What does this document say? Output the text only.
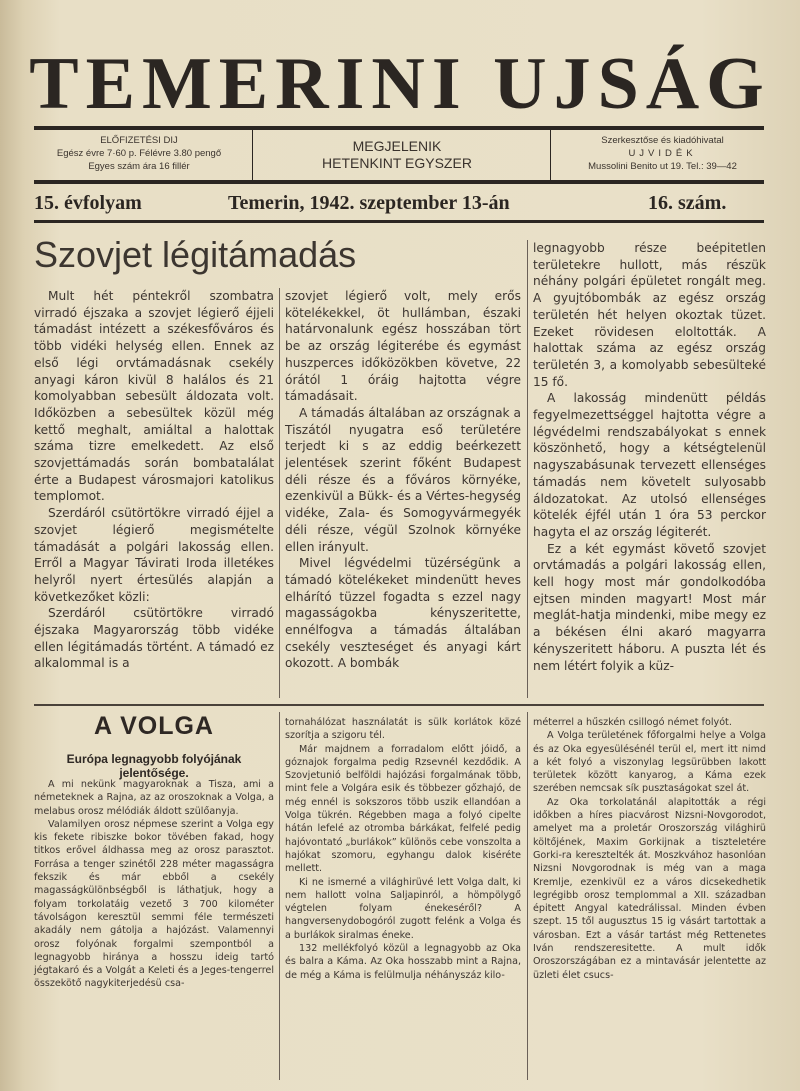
TEMERINI UJSÁG
ELŐFIZETÉSI DIJ
Egész évre 7·60 p. Félévre 3.80 pengő
Egyes szám ára 16 fillér
MEGJELENIK
HETENKINT EGYSZER
Szerkesztőse és kiadóhivatal
UJVIDÉK
Mussolini Benito ut 19. Tel.: 39—42
15. évfolyam	Temerin, 1942. szeptember 13-án	16. szám.
Szovjet légitámadás

Mult hét péntekről szombatra virradó éjszaka a szovjet légierő éjjeli támadást intézett a székesfőváros és több vidéki helység ellen. Ennek az első légi orvtámadásnak csekély anyagi káron kivül 8 halálos és 21 komolyabban sebesült áldozata volt. Időközben a sebesültek közül még kettő meghalt, amiáltal a halottak száma tizre emelkedett. Az első szovjettámadás során bombatalálat érte a Budapest városmajori katolikus templomot.

Szerdáról csütörtökre virradó éjjel a szovjet légierő megismételte támadását a polgári lakosság ellen. Erről a Magyar Távirati Iroda illetékes helyről nyert értesülés alapján a következőket közli:

Szerdáról csütörtökre virradó éjszaka Magyarország több vidéke ellen légitámadás történt. A támadó ez alkalommal is a

szovjet légierő volt, mely erős kötelékekkel, öt hullámban, északi határvonalunk egész hosszában tört be az ország légiterébe és egymást huszperces időközökben követve, 22 órától 1 óráig hajtotta végre támadásait.

A támadás általában az országnak a Tiszától nyugatra eső területére terjedt ki s az eddig beérkezett jelentések szerint főként Budapest déli része és a főváros környéke, ezenkivül a Bükk- és a Vértes-hegység vidéke, Zala- és Somogyvármegyék déli része, végül Szolnok környéke ellen irányult.

Mivel légvédelmi tüzérségünk a támadó kötelékeket mindenütt heves elhárító tüzzel fogadta s ezzel nagy magasságokba kényszeritette, ennélfogva a támadás általában csekély veszteséget és anyagi kárt okozott. A bombák

legnagyobb része beépitetlen területekre hullott, más részük néhány polgári épületet rongált meg. A gyujtóbombák az egész ország területén hét helyen okoztak tüzet. Ezeket rövidesen eloltották. A halottak száma az egész ország területén 3, a komolyabb sebesülteké 15 fő.

A lakosság mindenütt példás fegyelmezettséggel hajtotta végre a légvédelmi rendszabályokat s ennek köszönhető, hogy a kétségtelenül nagyszabásunak tervezett ellenséges támadás nem követelt sulyosabb áldozatokat. Az utolsó ellenséges kötelék éjfél után 1 óra 53 perckor hagyta el az ország légiterét.

Ez a két egymást követő szovjet orvtámadás a polgári lakosság ellen, kell hogy most már gondolkodóba ejtsen minden magyart! Most már meglát-hatja mindenki, mibe megy ez a békésen élni akaró magyarra kényszeritett háboru. A puszta lét és nem létért folyik a küz-

A VOLGA
Európa legnagyobb folyójának jelentősége.

A mi nekünk magyaroknak a Tisza, ami a németeknek a Rajna, az az oroszoknak a Volga, a melabus orosz mélódiák áldott szülőanyja.

Valamilyen orosz népmese szerint a Volga egy kis fekete ribiszke bokor tövében fakad, hogy titkos erővel áldhassa meg az orosz parasztot. Forrása a tenger szinétől 228 méter magasságra fekszik és már ebből a csekély magasságkülönbségből is láthatjuk, hogy a folyam torkolatáig vezető 3 700 kilométer távolságon keresztül semmi féle természeti akadály nem gátolja a hajózást. Valamennyi orosz folyónak forgalmi szempontból a legnagyobb hiránya a hosszu ideig tartó jégtakaró és a Volgát a Keleti és a Jeges-tengerrel összekötő nagykiterjedésü csa-

tornahálózat használatát is sülk korlátok közé szorítja a szigoru tél.

Már majdnem a forradalom előtt jóidő, a góznajok forgalma pedig Rzsevnél kezdődik. A Szovjetunió belföldi hajózási forgalmának több, mint fele a Volgára esik és többezer gőzhajó, de még ennél is sokszoros több uszik ellandóan a Volga tükrén. Régebben maga a folyó cipelte hátán lefelé az otromba bárkákat, felfelé pedig hajóvontató „burlákok” különös cebe vonszolta a hajókat szomoru, egyhangu dalok kiséréte mellett.

Ki ne ismerné a világhirüvé lett Volga dalt, ki nem hallott volna Saljapinról, a hömpölygő végtelen folyam énekeséről? A hangversenydobogóról zugott felénk a Volga és a burlákok siralmas éneke.

132 mellékfolyó közül a legnagyobb az Oka és balra a Káma. Az Oka hosszabb mint a Rajna, de még a Káma is felülmulja néhányszáz kilo-

méterrel a hűszkén csillogó német folyót.

A Volga területének főforgalmi helye a Volga és az Oka egyesülésénél terül el, mert itt nimd a két folyó a viszonylag legsürübben lakott területek között kanyarog, a Káma ezek szerében nemcsak sík pusztaságokat szel át.

Az Oka torkolatánál alapitották a régi időkben a híres piacvárost Nizsni-Novgorodot, amelyet ma a proletár Oroszország világhirü költőjének, Maxim Gorkijnak a tiszteletére Gorki-ra keresztelték át. Moszkvához hasonlóan Nizsni Novgorodnak is még van a maga Kremlje, ezenkivül ez a város dicsekedhetik legrégibb orosz templommal a XII. században épitett Angyal katedrálissal. Minden évben szept. 15 től augusztus 15 ig vásárt tartottak a városban. Ezt a vásár tartást még Rettenetes Iván rendszeresitette. A mult idők Oroszországában ez a mintavásár jelentette az üzleti élet csucs-
